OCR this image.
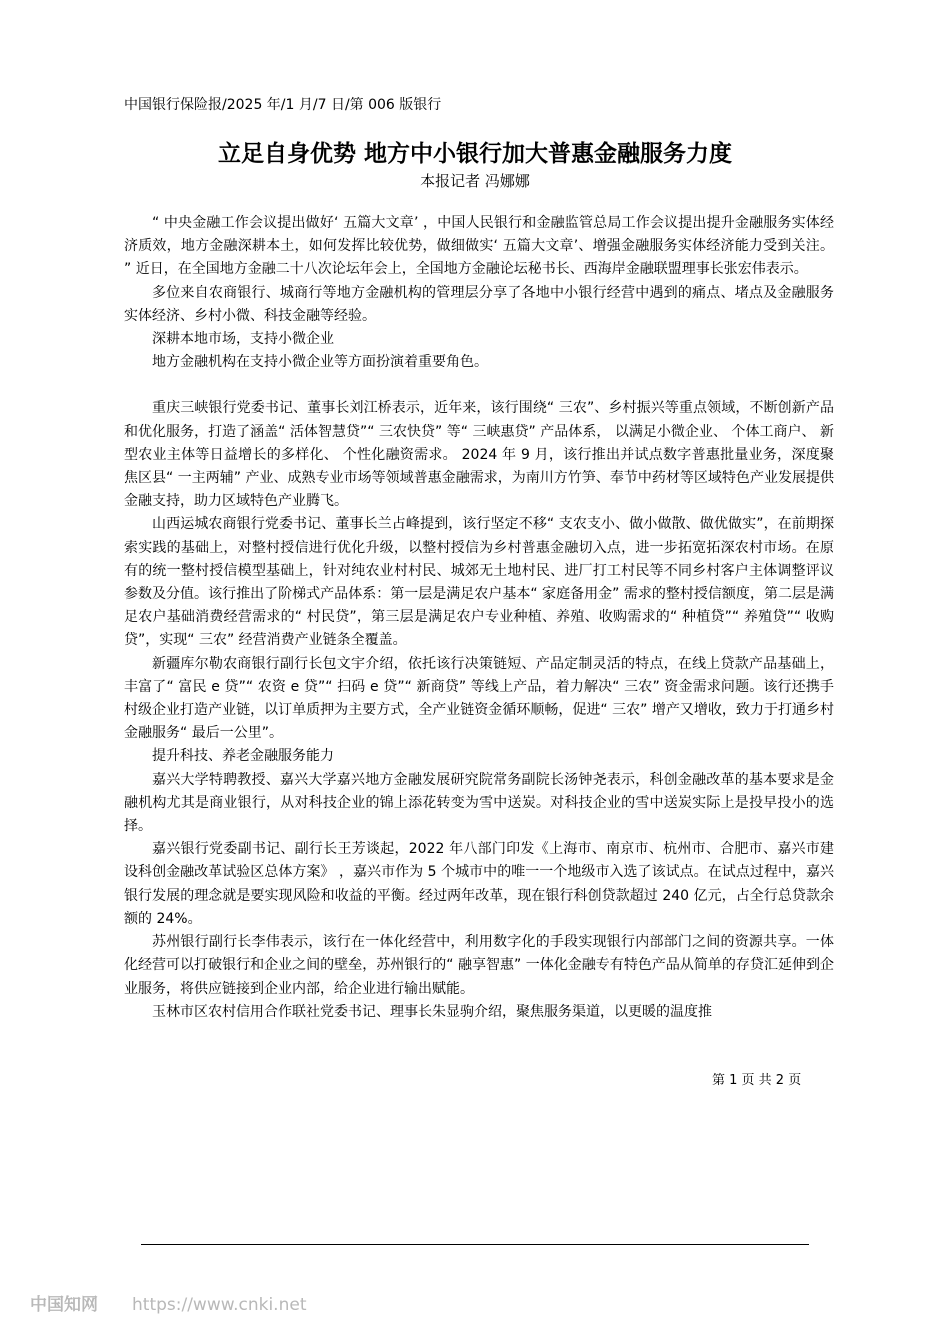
中国银行保险报/2025 年/1 月/7 日/第 006 版银行
立足自身优势 地方中小银行加大普惠金融服务力度
本报记者 冯娜娜

“ 中央金融工作会议提出做好‘ 五篇大文章’ ，中国人民银行和金融监管总局工作会议提出提升金融服务实体经济质效，地方金融深耕本土，如何发挥比较优势，做细做实‘ 五篇大文章’、增强金融服务实体经济能力受到关注。 ” 近日，在全国地方金融二十八次论坛年会上，全国地方金融论坛秘书长、西海岸金融联盟理事长张宏伟表示。

多位来自农商银行、城商行等地方金融机构的管理层分享了各地中小银行经营中遇到的痛点、堵点及金融服务实体经济、乡村小微、科技金融等经验。

深耕本地市场，支持小微企业

地方金融机构在支持小微企业等方面扮演着重要角色。

重庆三峡银行党委书记、董事长刘江桥表示，近年来，该行围绕“ 三农”、乡村振兴等重点领域，不断创新产品和优化服务，打造了涵盖“ 活体智慧贷”“ 三农快贷” 等“ 三峡惠贷” 产品体系， 以满足小微企业、 个体工商户、 新型农业主体等日益增长的多样化、 个性化融资需求。 2024 年 9 月，该行推出并试点数字普惠批量业务，深度聚焦区县“ 一主两辅” 产业、成熟专业市场等领域普惠金融需求，为南川方竹笋、奉节中药材等区域特色产业发展提供金融支持，助力区域特色产业腾飞。

山西运城农商银行党委书记、董事长兰占峰提到，该行坚定不移“ 支农支小、做小做散、做优做实”，在前期探索实践的基础上，对整村授信进行优化升级，以整村授信为乡村普惠金融切入点，进一步拓宽拓深农村市场。在原有的统一整村授信模型基础上，针对纯农业村村民、城郊无土地村民、进厂打工村民等不同乡村客户主体调整评议参数及分值。该行推出了阶梯式产品体系：第一层是满足农户基本“ 家庭备用金” 需求的整村授信额度，第二层是满足农户基础消费经营需求的“ 村民贷”，第三层是满足农户专业种植、养殖、收购需求的“ 种植贷”“ 养殖贷”“ 收购贷”，实现“ 三农” 经营消费产业链条全覆盖。

新疆库尔勒农商银行副行长包文宇介绍，依托该行决策链短、产品定制灵活的特点，在线上贷款产品基础上，丰富了“ 富民 e 贷”“ 农资 e 贷”“ 扫码 e 贷”“ 新商贷” 等线上产品，着力解决“ 三农” 资金需求问题。该行还携手村级企业打造产业链，以订单质押为主要方式，全产业链资金循环顺畅，促进“ 三农” 增产又增收，致力于打通乡村金融服务“ 最后一公里”。

提升科技、养老金融服务能力

嘉兴大学特聘教授、嘉兴大学嘉兴地方金融发展研究院常务副院长汤钟尧表示，科创金融改革的基本要求是金融机构尤其是商业银行，从对科技企业的锦上添花转变为雪中送炭。对科技企业的雪中送炭实际上是投早投小的选择。

嘉兴银行党委副书记、副行长王芳谈起，2022 年八部门印发《上海市、南京市、杭州市、合肥市、嘉兴市建设科创金融改革试验区总体方案》 ，嘉兴市作为 5 个城市中的唯一一个地级市入选了该试点。在试点过程中，嘉兴银行发展的理念就是要实现风险和收益的平衡。经过两年改革，现在银行科创贷款超过 240 亿元，占全行总贷款余额的 24%。

苏州银行副行长李伟表示，该行在一体化经营中，利用数字化的手段实现银行内部部门之间的资源共享。一体化经营可以打破银行和企业之间的壁垒，苏州银行的“ 融享智惠” 一体化金融专有特色产品从简单的存贷汇延伸到企业服务，将供应链接到企业内部，给企业进行输出赋能。

玉林市区农村信用合作联社党委书记、理事长朱显驹介绍，聚焦服务渠道，以更暖的温度推

第 1 页 共 2 页
中国知网 https://www.cnki.net
